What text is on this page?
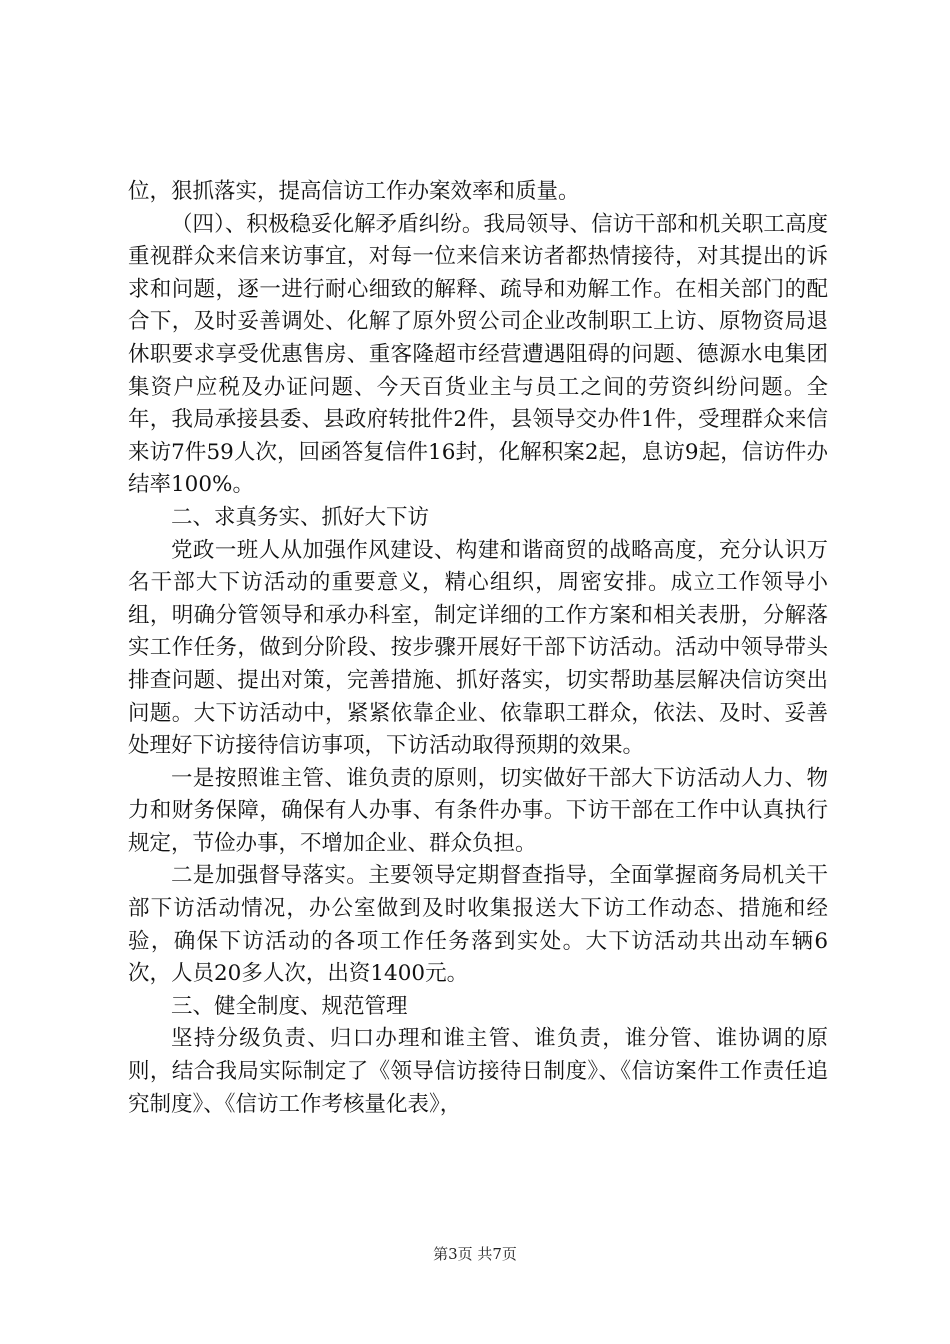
位，狠抓落实，提高信访工作办案效率和质量。

（四）、积极稳妥化解矛盾纠纷。我局领导、信访干部和机关职工高度重视群众来信来访事宜，对每一位来信来访者都热情接待，对其提出的诉求和问题，逐一进行耐心细致的解释、疏导和劝解工作。在相关部门的配合下，及时妥善调处、化解了原外贸公司企业改制职工上访、原物资局退休职要求享受优惠售房、重客隆超市经营遭遇阻碍的问题、德源水电集团集资户应税及办证问题、今天百货业主与员工之间的劳资纠纷问题。全年，我局承接县委、县政府转批件2件，县领导交办件1件，受理群众来信来访7件59人次，回函答复信件16封，化解积案2起，息访9起，信访件办结率100%。

二、求真务实、抓好大下访

党政一班人从加强作风建设、构建和谐商贸的战略高度，充分认识万名干部大下访活动的重要意义，精心组织，周密安排。成立工作领导小组，明确分管领导和承办科室，制定详细的工作方案和相关表册，分解落实工作任务，做到分阶段、按步骤开展好干部下访活动。活动中领导带头排查问题、提出对策，完善措施、抓好落实，切实帮助基层解决信访突出问题。大下访活动中，紧紧依靠企业、依靠职工群众，依法、及时、妥善处理好下访接待信访事项，下访活动取得预期的效果。

一是按照谁主管、谁负责的原则，切实做好干部大下访活动人力、物力和财务保障，确保有人办事、有条件办事。下访干部在工作中认真执行规定，节俭办事，不增加企业、群众负担。

二是加强督导落实。主要领导定期督查指导，全面掌握商务局机关干部下访活动情况，办公室做到及时收集报送大下访工作动态、措施和经验，确保下访活动的各项工作任务落到实处。大下访活动共出动车辆6次，人员20多人次，出资1400元。

三、健全制度、规范管理

坚持分级负责、归口办理和谁主管、谁负责，谁分管、谁协调的原则，结合我局实际制定了《领导信访接待日制度》、《信访案件工作责任追究制度》、《信访工作考核量化表》，

第3页 共7页
